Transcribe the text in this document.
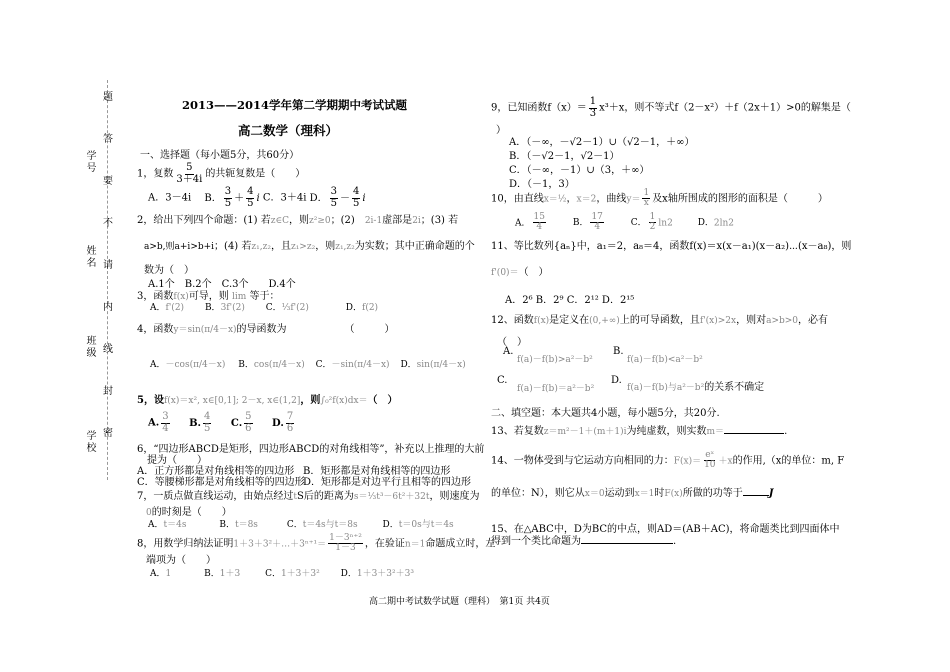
学号
姓名
班级
学校
题
答
要
不
请
内
线
封
密
2013——2014学年第二学期期中考试试题
高二数学（理科）
一、选择题（每小题5分，共60分）
1，复数 $\frac{5}{3+4i}$ 的共轭复数是（　　）
A．3－4i　 B． $\frac{3}{5} + \frac{4}{5}$ i C．3＋4i D． $\frac{3}{5} - \frac{4}{5}$ i
2，给出下列四个命题：(1) 若z∈C，则z²≥0；(2)　 2i-1虚部是2i；(3) 若
a>b,则a+i>b+i；(4) 若z₁,z₂，且z₁>z₂，则z₁,z₂为实数；其中正确命题的个
数为（　）
A.1个　 B.2个　 C.3个　　 D.4个
3，函数f(x)可导，则 lim 等于：
A．f'(2) B．3f'(2) C．⅓f'(2)	D．f(2)
4，函数y＝sin(π/4－x)的导函数为	（　　　）
A．－cos(π/4－x) B．cos(π/4－x) C．－sin(π/4－x) D．sin(π/4－x)
5，设f(x)＝x², x∈[0,1]; 2－x, x∈(1,2]，则∫₀²f(x)dx＝（　）
A. $\frac{3}{4} B$. $\frac{4}{5} C$. $\frac{5}{6} D$. $\frac{7}{6}$
6，“四边形ABCD是矩形，四边形ABCD的对角线相等”，补充以上推理的大前
提为（　　）
A．正方形都是对角线相等的四边形 B．矩形都是对角线相等的四边形
C．等腰梯形都是对角线相等的四边形
D．矩形都是对边平行且相等的四边形
7，一质点做直线运动，由始点经过tS后的距离为s＝⅓t³－6t²＋32t，则速度为
0的时刻是（　　）
A．t＝4s	B．t＝8s	C．t＝4s与t＝8s	D．t＝0s与t＝4s
8，用数学归纳法证明1＋3＋3²＋…＋3ⁿ⁺¹＝ $\frac{\text{1－3ⁿ⁺²}}{1-3}$ ，在验证n＝1命题成立时，左
端项为（　　）
A．1	B．1＋3	C．1＋3＋3² D．1＋3＋3²＋3³
9，已知函数$f(x)= \frac{1}{3} x^3+x$，则不等式f（2－x²）＋f（2x＋1）>0的解集是（
）
A．（－∞，－√2－1）∪（√2－1，＋∞）
B．（－√2－1，√2－1）
C．（－∞，－1）∪（3，＋∞）
D．（－1，3）
10，由直线x＝½，x＝2，曲线$y= \frac{1}{x}$ 及x轴所围成的图形的面积是（　　　）
A． $\frac{15}{4}$	B． $\frac{17}{4}$	C． $\frac{1}{2} \ln 2$	D．2ln2
11、等比数列{aₙ}中，a₁＝2，a₈＝4，函数f(x)＝x(x－a₁)(x－a₂)⋯(x－a₈)，则
f'(0)＝（　）
A．2⁶ B．2⁹ C．2¹² D．2¹⁵
12、函数f(x)是定义在(0,+∞)上的可导函数，且f'(x)>2x，则对a>b>0，必有
（　）
A.
f(a)－f(b)>a²－b²
B.
f(a)－f(b)<a²－b²
C.
f(a)－f(b)＝a²－b²
D.
f(a)－f(b)与a²－b²的关系不确定
二、填空题：本大题共4小题，每小题5分，共20分.
13、若复数z＝m²－1＋(m＋1)i为纯虚数，则实数m＝	.
14、一物体受到与它运动方向相同的力：$F(x)= \frac{\text{eˣ}}{10} +x$的作用,（x的单位：m, F
的单位：N），则它从x＝0运动到x＝1时F(x)所做的功等于	J
15、在△ABC中，D为BC的中点，则AD＝(AB＋AC)，将命题类比到四面体中
得到一个类比命题为	.
高二期中考试数学试题（理科）　第1页 共4页
